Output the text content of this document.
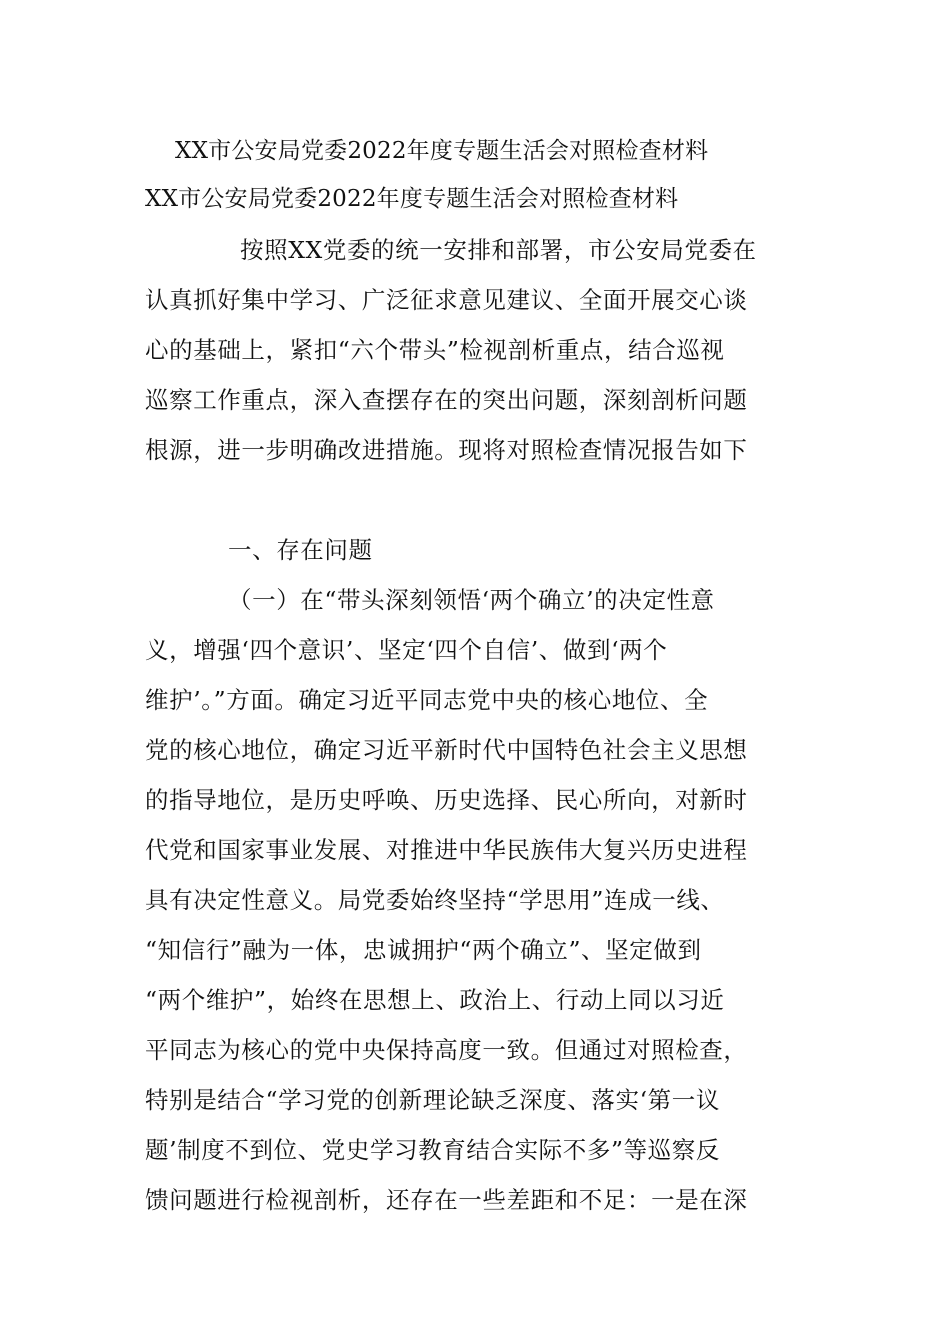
XX市公安局党委2022年度专题生活会对照检查材料
XX市公安局党委2022年度专题生活会对照检查材料
按照XX党委的统一安排和部署，市公安局党委在
认真抓好集中学习、广泛征求意见建议、全面开展交心谈
心的基础上，紧扣“六个带头”检视剖析重点，结合巡视
巡察工作重点，深入查摆存在的突出问题，深刻剖析问题
根源，进一步明确改进措施。现将对照检查情况报告如下
一、存在问题
（一）在“带头深刻领悟‘两个确立’的决定性意
义，增强‘四个意识’、坚定‘四个自信’、做到‘两个
维护’。”方面。确定习近平同志党中央的核心地位、全
党的核心地位，确定习近平新时代中国特色社会主义思想
的指导地位，是历史呼唤、历史选择、民心所向，对新时
代党和国家事业发展、对推进中华民族伟大复兴历史进程
具有决定性意义。局党委始终坚持“学思用”连成一线、
“知信行”融为一体，忠诚拥护“两个确立”、坚定做到
“两个维护”，始终在思想上、政治上、行动上同以习近
平同志为核心的党中央保持高度一致。但通过对照检查，
特别是结合“学习党的创新理论缺乏深度、落实‘第一议
题’制度不到位、党史学习教育结合实际不多”等巡察反
馈问题进行检视剖析，还存在一些差距和不足：一是在深
